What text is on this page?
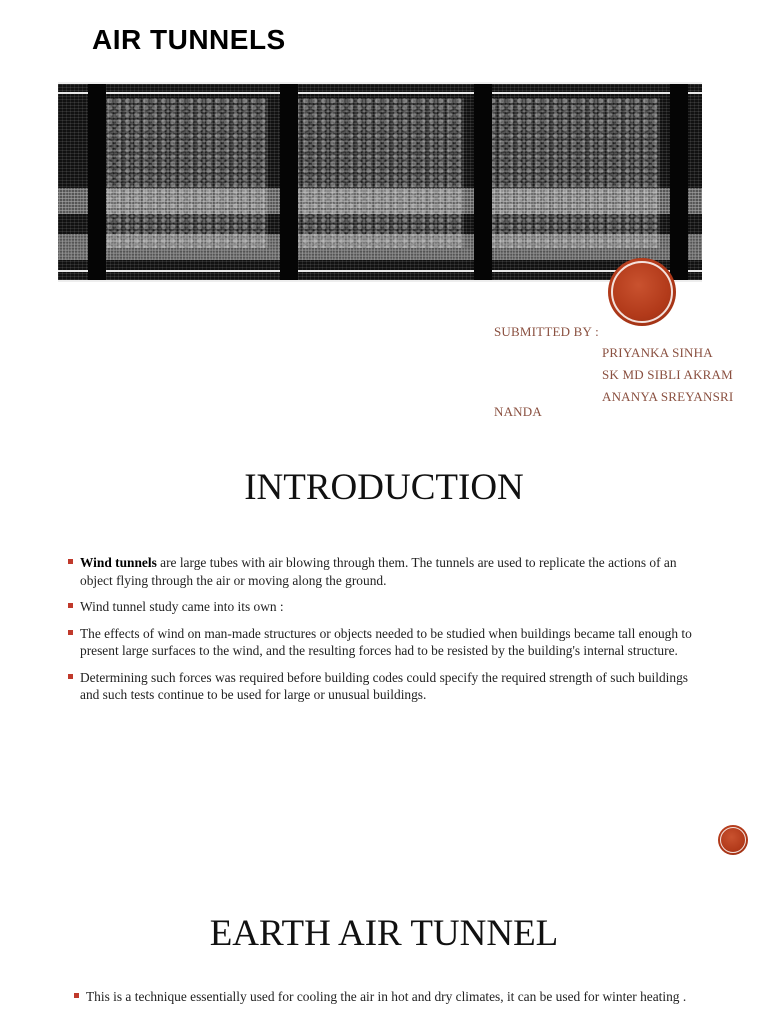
AIR TUNNELS
SUBMITTED BY :
PRIYANKA SINHA
SK MD SIBLI AKRAM
ANANYA SREYANSRI
NANDA
INTRODUCTION
Wind tunnels are large tubes with air blowing through them. The tunnels are used to replicate the actions of an object flying through the air or moving along the ground.
Wind tunnel study came into its own :
The effects of wind on man-made structures or objects needed to be studied when buildings became tall enough to present large surfaces to the wind, and the resulting forces had to be resisted by the building's internal structure.
Determining such forces was required before building codes could specify the required strength of such buildings and such tests continue to be used for large or unusual buildings.
EARTH AIR TUNNEL
This is a technique essentially used for cooling the air in hot and dry climates, it can be used for winter heating .
